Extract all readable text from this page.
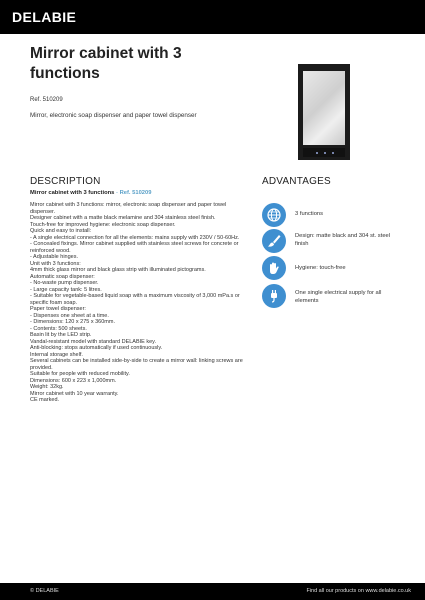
DELABIE
Mirror cabinet with 3 functions
Ref. 510209
Mirror, electronic soap dispenser and paper towel dispenser
DESCRIPTION
Mirror cabinet with 3 functions - Ref. 510209
Mirror cabinet with 3 functions: mirror, electronic soap dispenser and paper towel dispenser.
Designer cabinet with a matte black melamine and 304 stainless steel finish.
Touch-free for improved hygiene: electronic soap dispenser.
Quick and easy to install:
- A single electrical connection for all the elements: mains supply with 230V / 50-60Hz.
- Concealed fixings. Mirror cabinet supplied with stainless steel screws for concrete or reinforced wood.
- Adjustable hinges.
Unit with 3 functions:
4mm thick glass mirror and black glass strip with illuminated pictograms.
Automatic soap dispenser:
- No-waste pump dispenser.
- Large capacity tank: 5 litres.
- Suitable for vegetable-based liquid soap with a maximum viscosity of 3,000 mPa.s or specific foam soap.
Paper towel dispenser:
- Dispenses one sheet at a time.
- Dimensions: 120 x 275 x 360mm.
- Contents: 500 sheets.
Basin lit by the LED strip.
Vandal-resistant model with standard DELABIE key.
Anti-blocking: stops automatically if used continuously.
Internal storage shelf.
Several cabinets can be installed side-by-side to create a mirror wall: linking screws are provided.
Suitable for people with reduced mobility.
Dimensions: 600 x 223 x 1,000mm.
Weight: 32kg.
Mirror cabinet with 10 year warranty.
CE marked.
ADVANTAGES
3 functions
Design: matte black and 304 st. steel finish
Hygiene: touch-free
One single electrical supply for all elements
© DELABIE	Find all our products on www.delabie.co.uk
